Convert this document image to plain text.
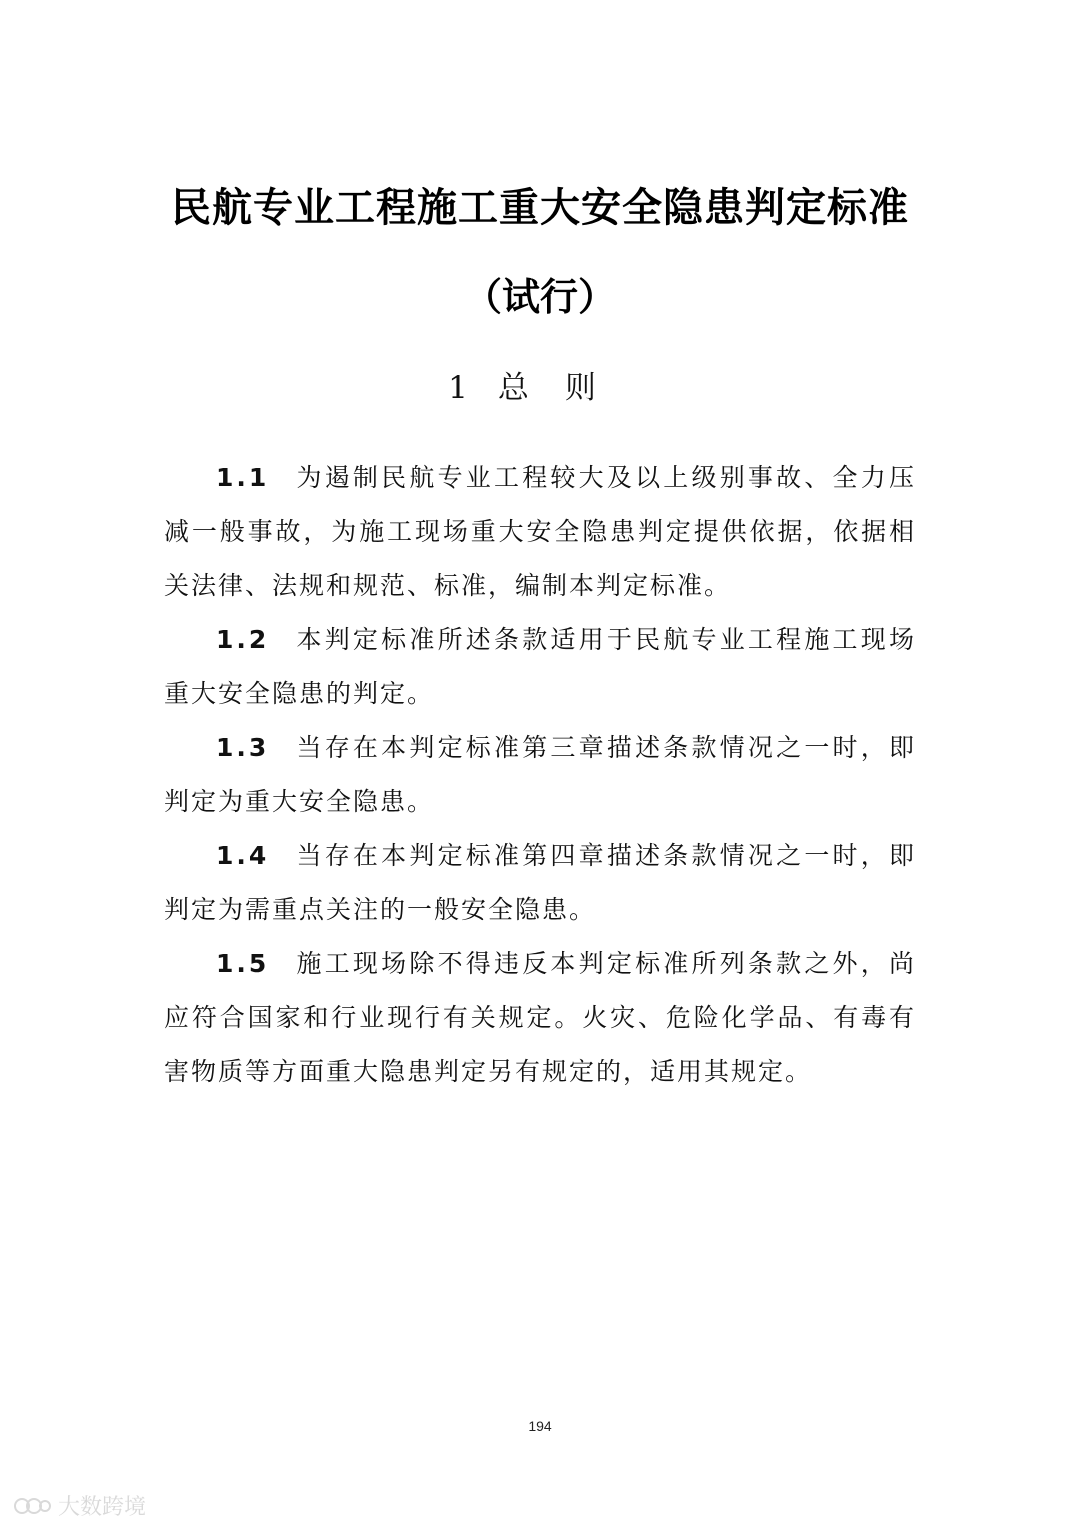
民航专业工程施工重大安全隐患判定标准
（试行）
1 总则

1.1 为遏制民航专业工程较大及以上级别事故、全力压减一般事故，为施工现场重大安全隐患判定提供依据，依据相关法律、法规和规范、标准，编制本判定标准。

1.2 本判定标准所述条款适用于民航专业工程施工现场重大安全隐患的判定。

1.3 当存在本判定标准第三章描述条款情况之一时，即判定为重大安全隐患。

1.4 当存在本判定标准第四章描述条款情况之一时，即判定为需重点关注的一般安全隐患。

1.5 施工现场除不得违反本判定标准所列条款之外，尚应符合国家和行业现行有关规定。火灾、危险化学品、有毒有害物质等方面重大隐患判定另有规定的，适用其规定。

194
大数跨境
